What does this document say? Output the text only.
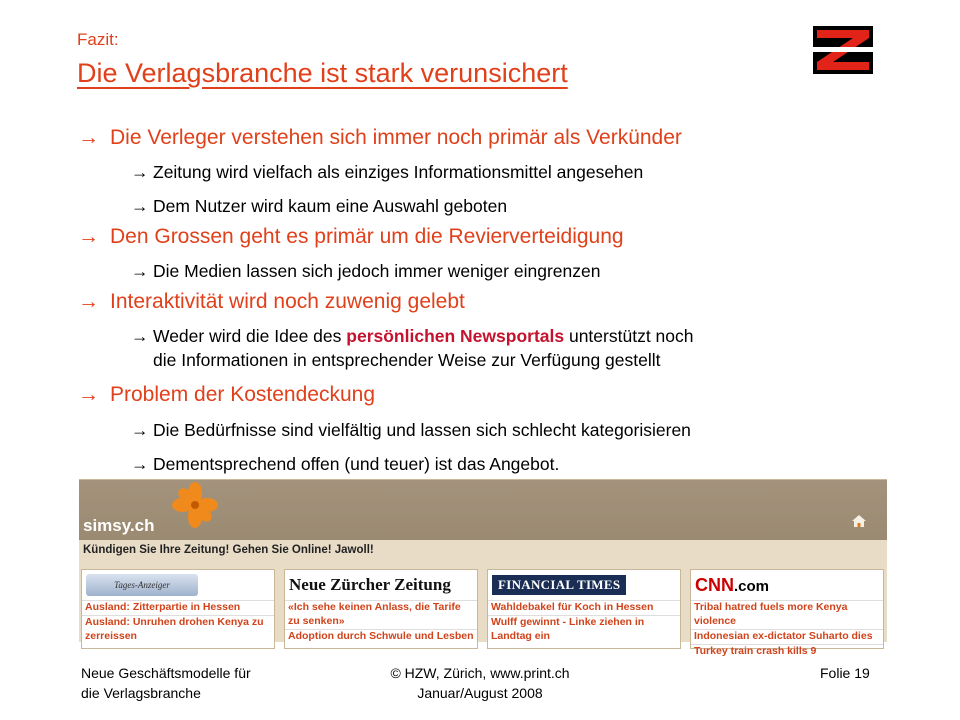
Fazit:
Die Verlagsbranche ist stark verunsichert
→ Die Verleger verstehen sich immer noch primär als Verkünder
→ Zeitung wird vielfach als einziges Informationsmittel angesehen
→ Dem Nutzer wird kaum eine Auswahl geboten
→ Den Grossen geht es primär um die Revierverteidigung
→ Die Medien lassen sich jedoch immer weniger eingrenzen
→ Interaktivität wird noch zuwenig gelebt
→ Weder wird die Idee des persönlichen Newsportals unterstützt noch
die Informationen in entsprechender Weise zur Verfügung gestellt
→ Problem der Kostendeckung
→ Die Bedürfnisse sind vielfältig und lassen sich schlecht kategorisieren
→ Dementsprechend offen (und teuer) ist das Angebot.
simsy.ch
Kündigen Sie Ihre Zeitung! Gehen Sie Online! Jawoll!
Tages-Anzeiger
Ausland: Zitterpartie in Hessen
Ausland: Unruhen drohen Kenya zu
zerreissen
Neue Zürcher Zeitung
«Ich sehe keinen Anlass, die Tarife
zu senken»
Adoption durch Schwule und Lesben
FINANCIAL TIMES
Wahldebakel für Koch in Hessen
Wulff gewinnt - Linke ziehen in
Landtag ein
CNN.com
Tribal hatred fuels more Kenya
violence
Indonesian ex-dictator Suharto dies
Turkey train crash kills 9
Neue Geschäftsmodelle für
die Verlagsbranche
© HZW, Zürich, www.print.ch
Januar/August 2008
Folie 19
